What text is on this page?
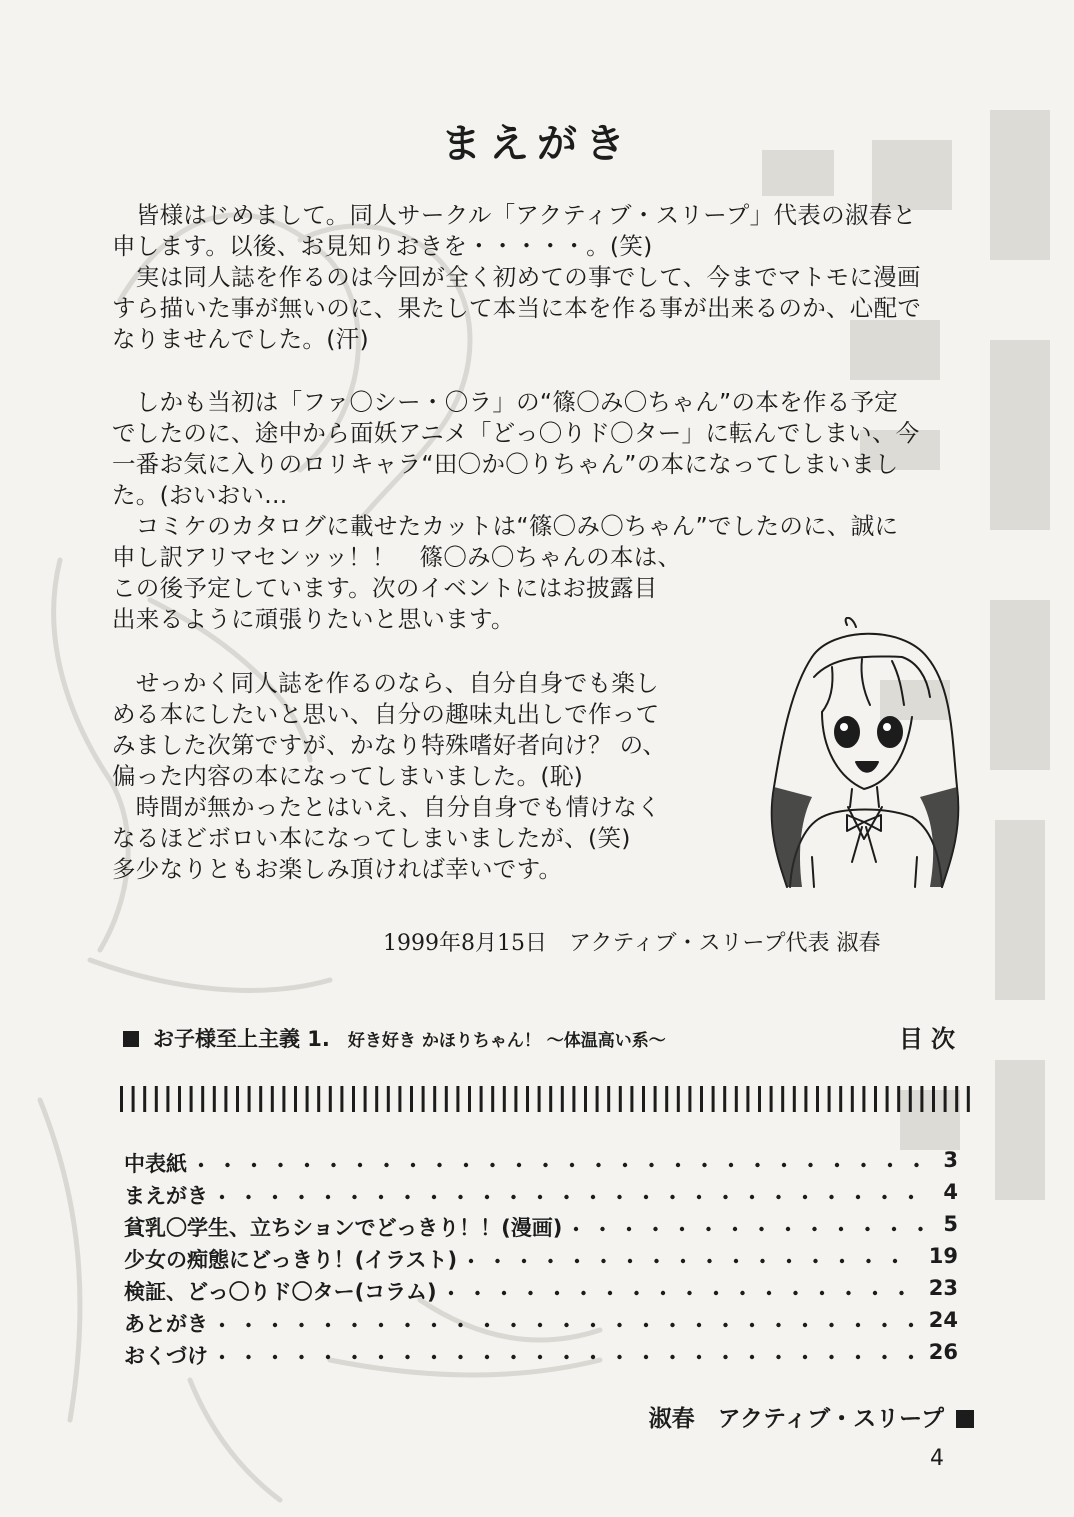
まえがき
　皆様はじめまして。同人サークル「アクティブ・スリープ」代表の淑春と
申します。以後、お見知りおきを・・・・・。(笑)
　実は同人誌を作るのは今回が全く初めての事でして、今までマトモに漫画
すら描いた事が無いのに、果たして本当に本を作る事が出来るのか、心配で
なりませんでした。(汗)
　しかも当初は「ファ〇シー・〇ラ」の“篠〇み〇ちゃん”の本を作る予定
でしたのに、途中から面妖アニメ「どっ〇りド〇ター」に転んでしまい、今
一番お気に入りのロリキャラ“田〇か〇りちゃん”の本になってしまいまし
た。(おいおい...
　コミケのカタログに載せたカットは“篠〇み〇ちゃん”でしたのに、誠に
申し訳アリマセンッッ！！　篠〇み〇ちゃんの本は、
この後予定しています。次のイベントにはお披露目
出来るように頑張りたいと思います。
　せっかく同人誌を作るのなら、自分自身でも楽し
める本にしたいと思い、自分の趣味丸出しで作って
みました次第ですが、かなり特殊嗜好者向け？ の、
偏った内容の本になってしまいました。(恥)
　時間が無かったとはいえ、自分自身でも情けなく
なるほどボロい本になってしまいましたが、(笑)
多少なりともお楽しみ頂ければ幸いです。
1999年8月15日　アクティブ・スリープ代表 淑春
お子様至上主義 1. 好き好き かほりちゃん！ ～体温高い系～	目次
中表紙	3
まえがき	4
貧乳〇学生、立ちションでどっきり！！(漫画)	5
少女の痴態にどっきり！(イラスト)	19
検証、どっ〇りド〇ター(コラム)	23
あとがき	24
おくづけ	26
淑春　アクティブ・スリープ
4
